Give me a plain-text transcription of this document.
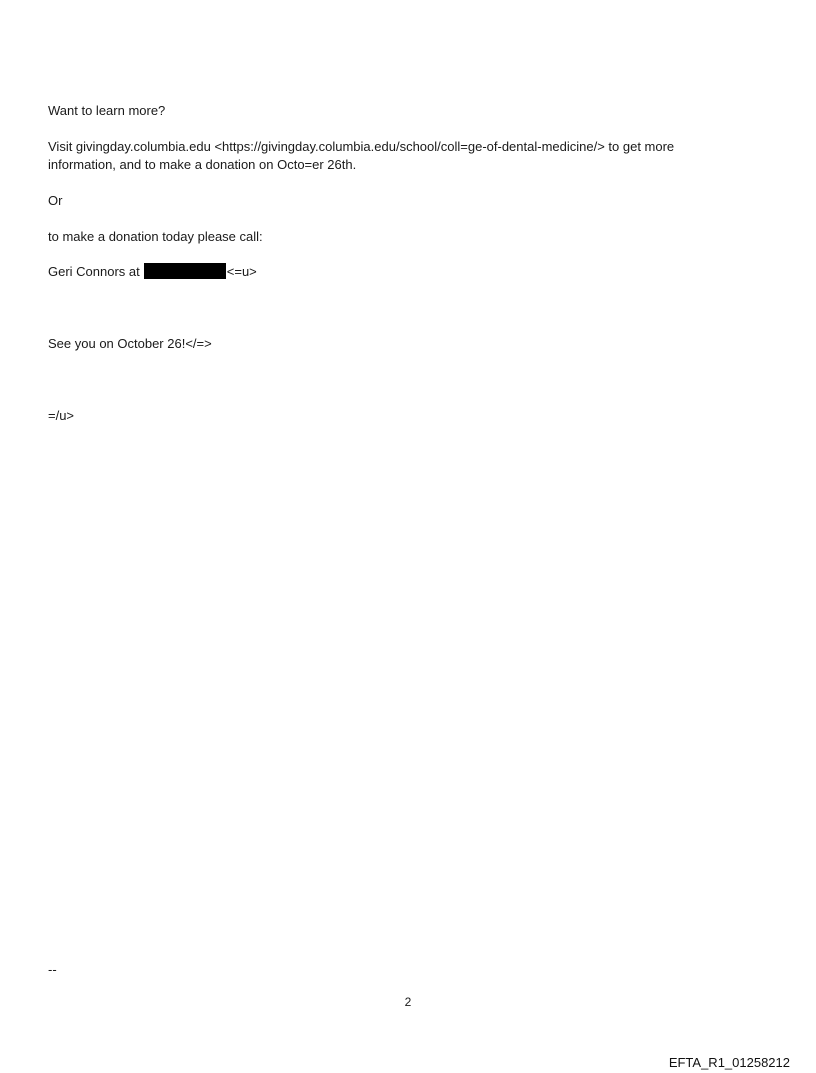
Want to learn more?
Visit givingday.columbia.edu <https://givingday.columbia.edu/school/coll=ge-of-dental-medicine/> to get more
information, and to make a donation on Octo=er 26th.
Or
to make a donation today please call:
Geri Connors at	<=u>
See you on October 26!</=>
=/u>
--
2
EFTA_R1_01258212
